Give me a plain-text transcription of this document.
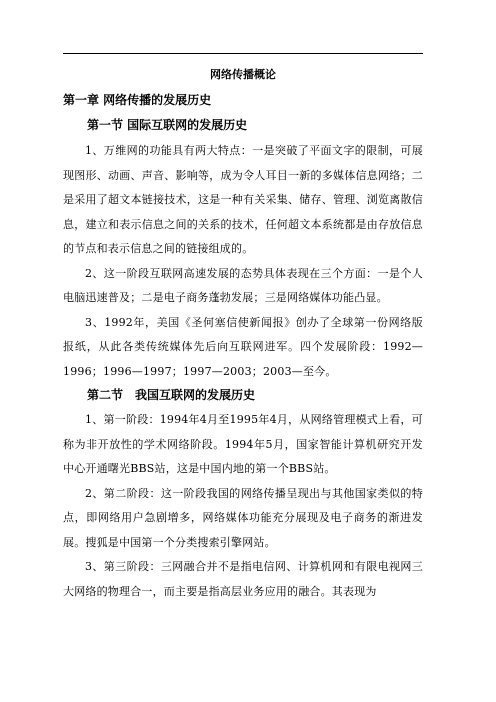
网络传播概论
第一章 网络传播的发展历史
第一节 国际互联网的发展历史

1、万维网的功能具有两大特点：一是突破了平面文字的限制，可展现图形、动画、声音、影响等，成为令人耳目一新的多媒体信息网络；二是采用了超文本链接技术，这是一种有关采集、储存、管理、浏览离散信息，建立和表示信息之间的关系的技术，任何超文本系统都是由存放信息的节点和表示信息之间的链接组成的。

2、这一阶段互联网高速发展的态势具体表现在三个方面：一是个人电脑迅速普及；二是电子商务蓬勃发展；三是网络媒体功能凸显。

3、1992年，美国《圣何塞信使新闻报》创办了全球第一份网络版报纸，从此各类传统媒体先后向互联网进军。四个发展阶段：1992—1996；1996—1997；1997—2003；2003—至今。

第二节　我国互联网的发展历史

1、第一阶段：1994年4月至1995年4月，从网络管理模式上看，可称为非开放性的学术网络阶段。1994年5月，国家智能计算机研究开发中心开通曙光BBS站，这是中国内地的第一个BBS站。

2、第二阶段：这一阶段我国的网络传播呈现出与其他国家类似的特点，即网络用户急剧增多，网络媒体功能充分展现及电子商务的渐进发展。搜狐是中国第一个分类搜索引擎网站。

3、第三阶段：三网融合并不是指电信网、计算机网和有限电视网三大网络的物理合一，而主要是指高层业务应用的融合。其表现为
